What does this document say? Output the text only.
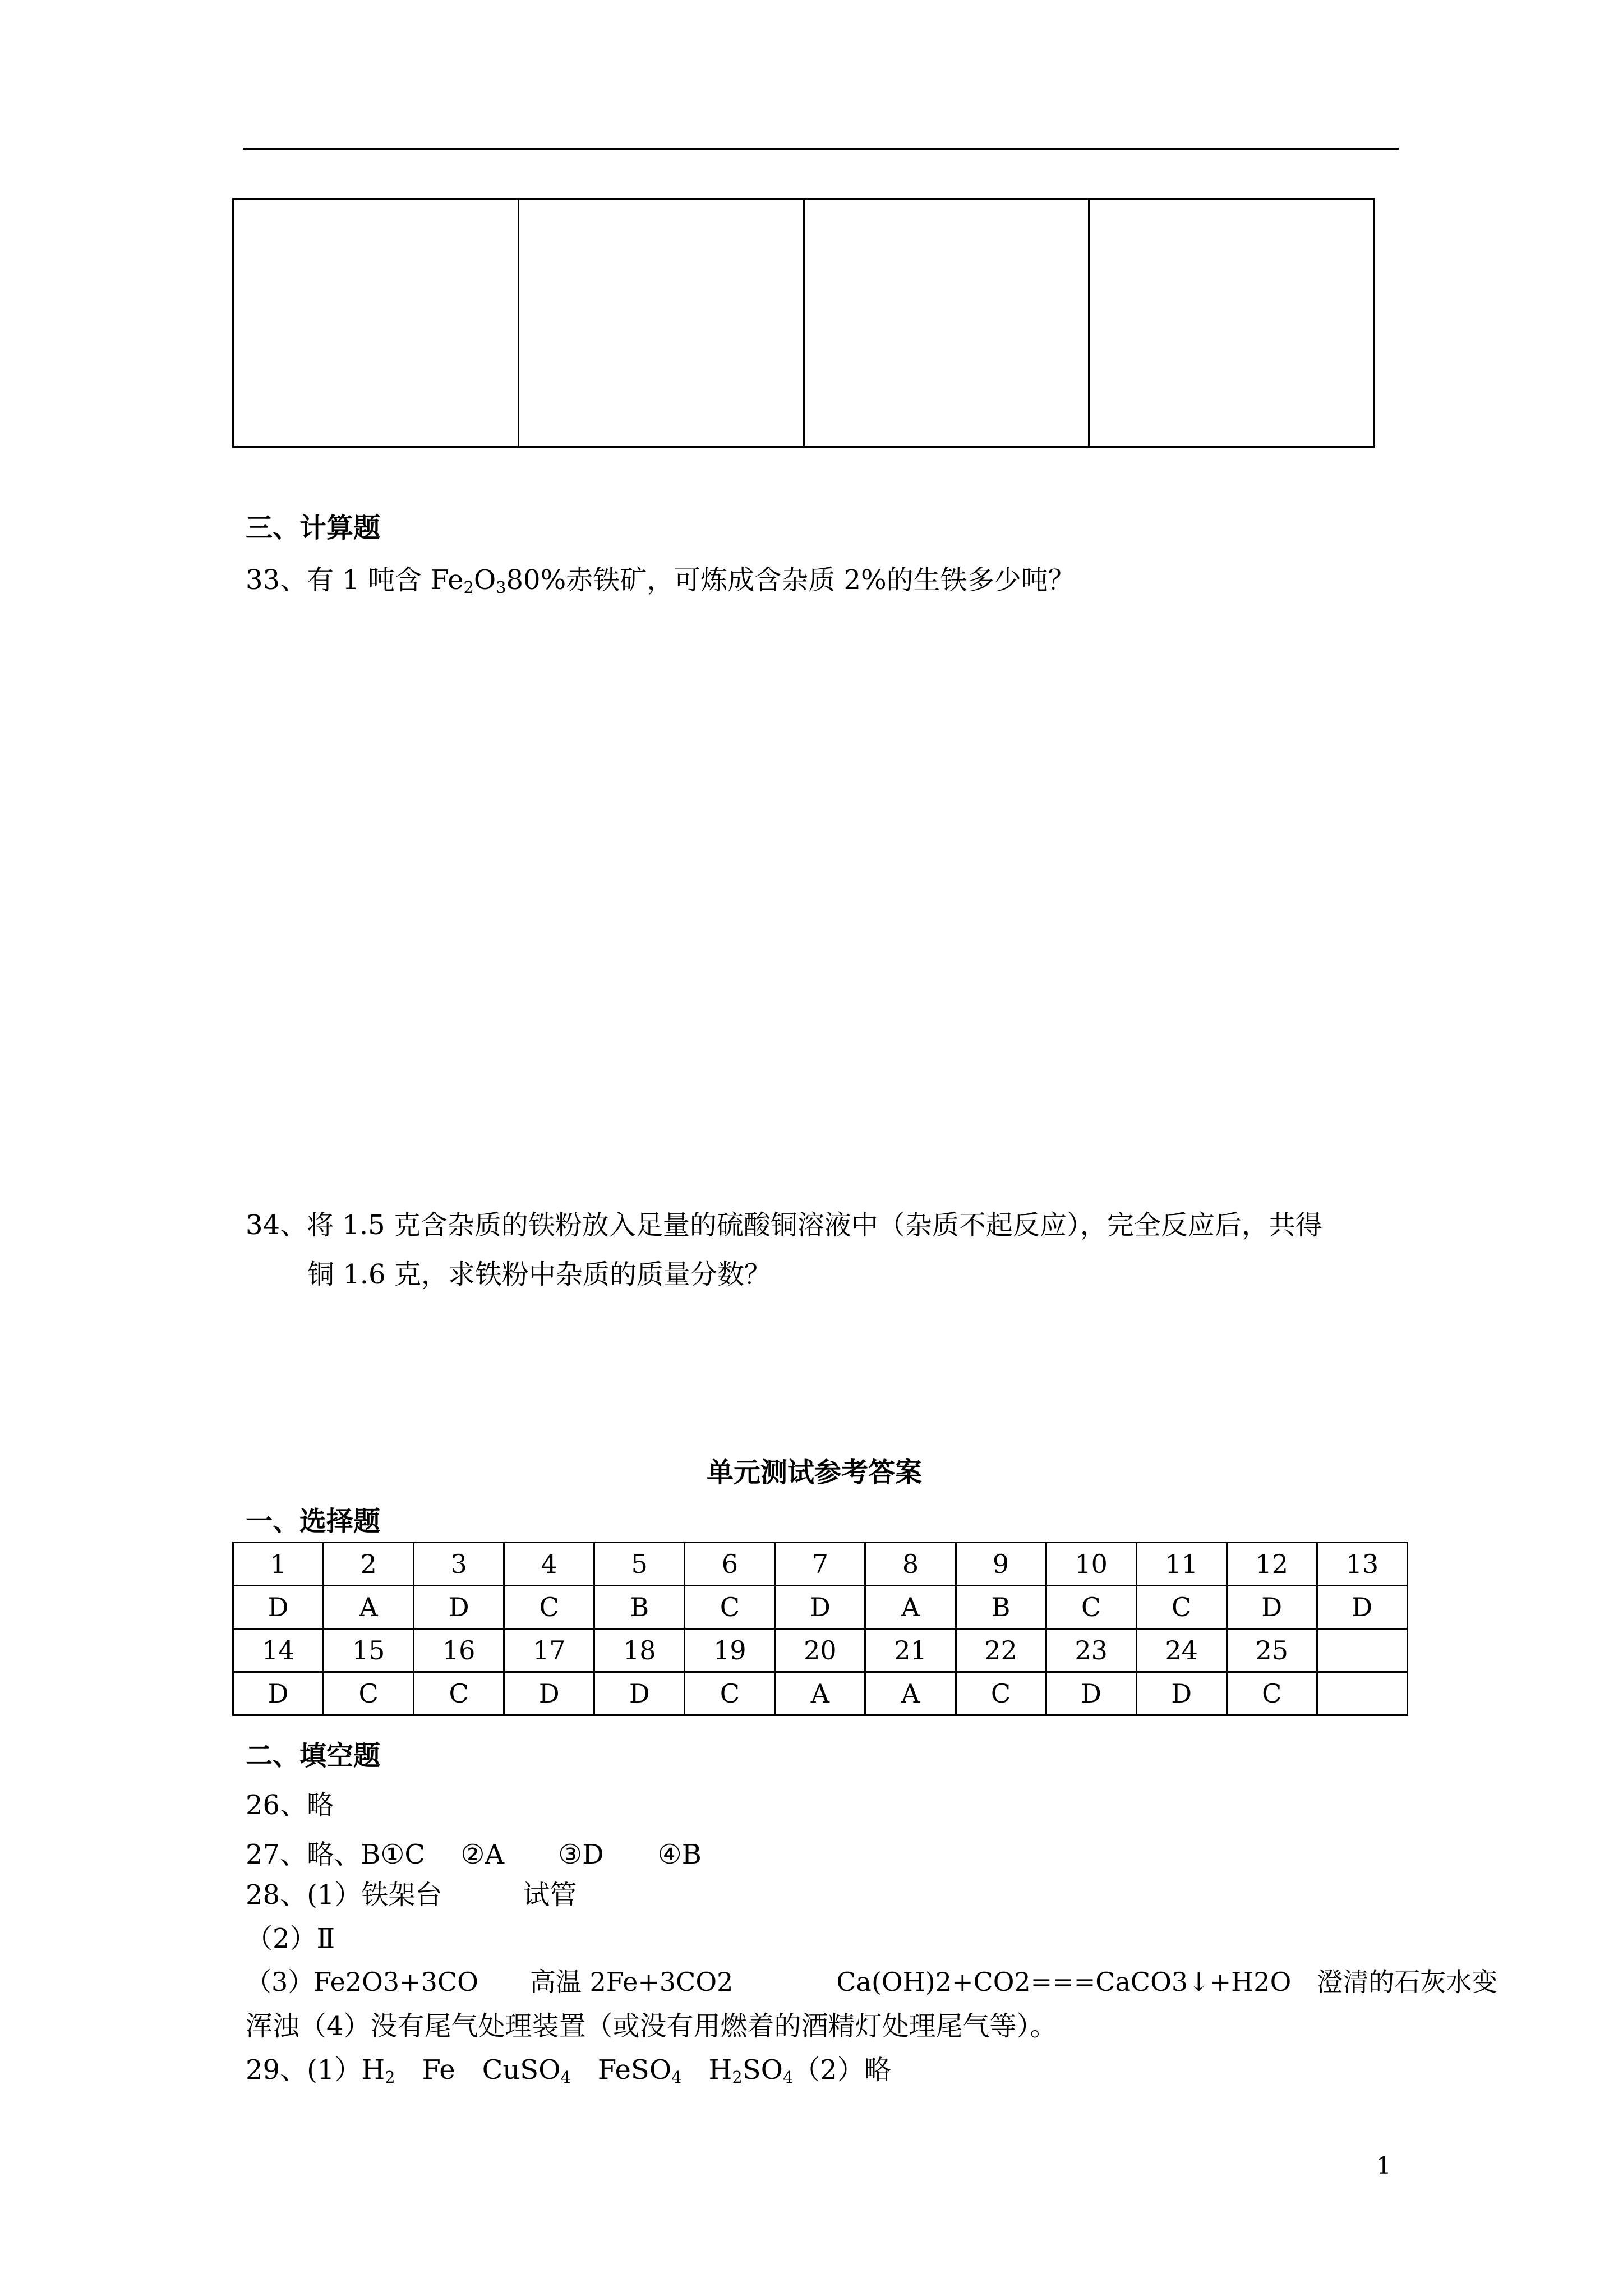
三、计算题
33、有 1 吨含 $Fe_2O_380\%$赤铁矿，可炼成含杂质 2%的生铁多少吨？
34、将 1.5 克含杂质的铁粉放入足量的硫酸铜溶液中（杂质不起反应），完全反应后，共得
铜 1.6 克，求铁粉中杂质的质量分数？
单元测试参考答案
一、选择题
1	2	3	4	5	6	7	8	9	10	11	12	13
D	A	D	C	B	C	D	A	B	C	C	D	D
14	15	16	17	18	19	20	21	22	23	24	25	
D	C	C	D	D	C	A	A	C	D	D	C	
二、填空题
26、略
27、略、B①C　 ②A　　③D　　④B
28、(1）铁架台　　　试管
（2）Ⅱ
（3）Fe2O3+3CO　　高温 2Fe+3CO2　　　　Ca(OH)2+CO2===CaCO3↓+H2O　澄清的石灰水变
浑浊（4）没有尾气处理装置（或没有用燃着的酒精灯处理尾气等）。
29、$(1)H_2$　Fe　CuSO$_4$　FeSO$_4$　$H_2SO_4(2)$略
1
